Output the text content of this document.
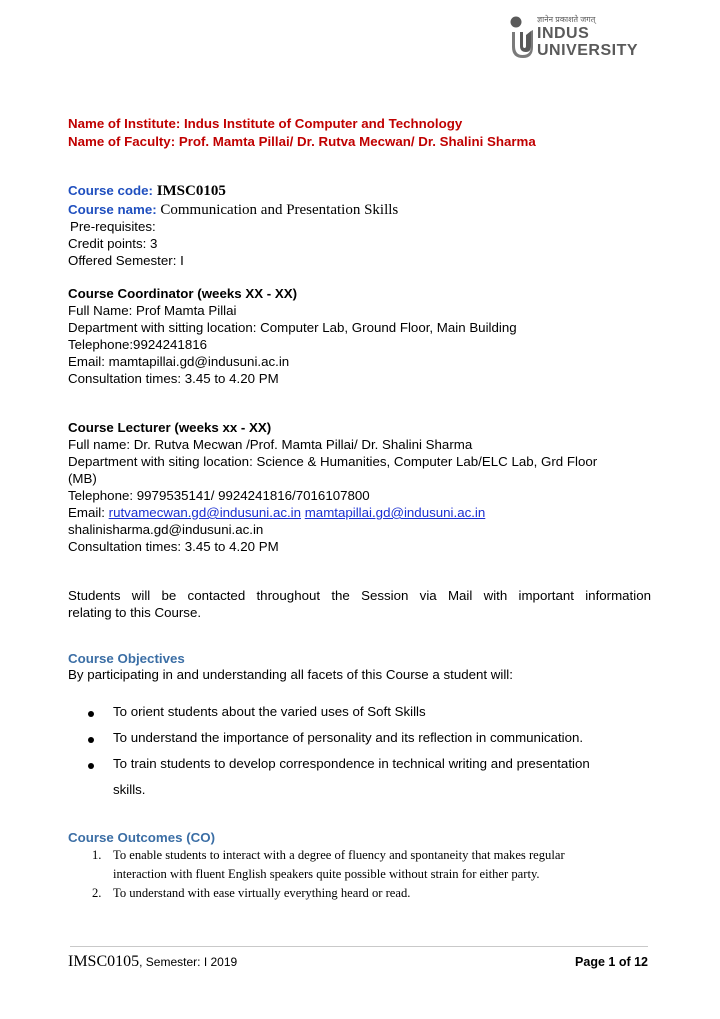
ज्ञानेन प्रकाशते जगत्
INDUS
UNIVERSITY
Name of Institute: Indus Institute of Computer and Technology
Name of Faculty: Prof. Mamta Pillai/ Dr. Rutva Mecwan/ Dr. Shalini Sharma
Course code: IMSC0105
Course name: Communication and Presentation Skills
Pre-requisites:
Credit points: 3
Offered Semester: I
Course Coordinator (weeks XX - XX)
Full Name: Prof Mamta Pillai
Department with sitting location: Computer Lab, Ground Floor, Main Building
Telephone:9924241816
Email: mamtapillai.gd@indusuni.ac.in
Consultation times: 3.45 to 4.20 PM
Course Lecturer (weeks xx - XX)
Full name: Dr. Rutva Mecwan /Prof. Mamta Pillai/ Dr. Shalini Sharma
Department with siting location: Science & Humanities, Computer Lab/ELC Lab, Grd Floor
(MB)
Telephone: 9979535141/ 9924241816/7016107800
Email: rutvamecwan.gd@indusuni.ac.in mamtapillai.gd@indusuni.ac.in
shalinisharma.gd@indusuni.ac.in
Consultation times: 3.45 to 4.20 PM
Students will be contacted throughout the Session via Mail with important information
relating to this Course.
Course Objectives
By participating in and understanding all facets of this Course a student will:
To orient students about the varied uses of Soft Skills
To understand the importance of personality and its reflection in communication.
To train students to develop correspondence in technical writing and presentation
skills.
Course Outcomes (CO)
1. To enable students to interact with a degree of fluency and spontaneity that makes regular
interaction with fluent English speakers quite possible without strain for either party.
2. To understand with ease virtually everything heard or read.
IMSC0105, Semester: I 2019	Page 1 of 12
